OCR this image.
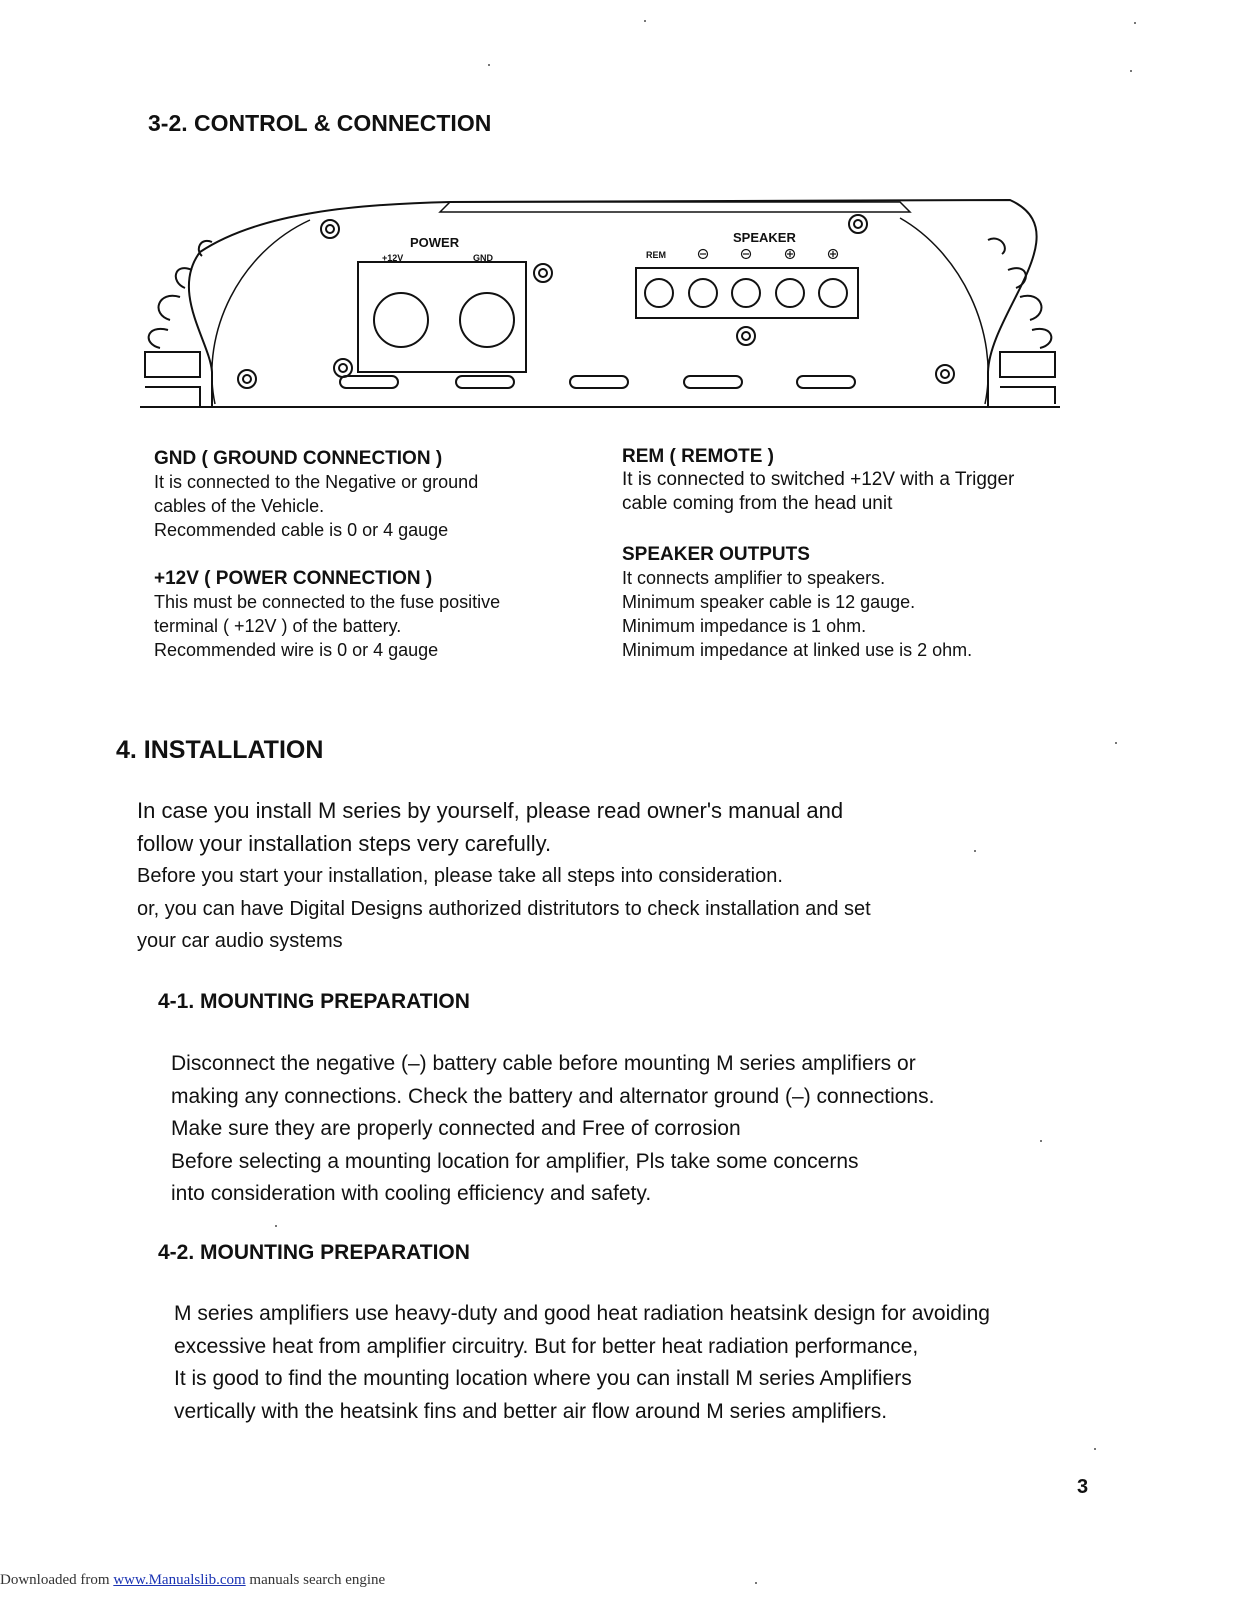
3-2. CONTROL & CONNECTION
POWER
+12V	GND
SPEAKER
REM
GND ( GROUND CONNECTION )
It is connected to the Negative or ground
cables of the Vehicle.
Recommended cable is 0 or 4 gauge
+12V ( POWER CONNECTION )
This must be connected to the fuse positive
terminal ( +12V ) of the battery.
Recommended wire is 0 or 4 gauge
REM ( REMOTE )
It is connected to switched +12V with a Trigger
cable coming from the head unit
SPEAKER OUTPUTS
It connects amplifier to speakers.
Minimum speaker cable is 12 gauge.
Minimum impedance is 1 ohm.
Minimum impedance at linked use is 2 ohm.
4. INSTALLATION
In case you install M series by yourself, please read owner's manual and
follow your installation steps very carefully.
Before you start your installation, please take all steps into consideration.
or, you can have Digital Designs authorized distritutors to check installation and set
your car audio systems
4-1. MOUNTING PREPARATION
Disconnect the negative (–) battery cable before mounting M series amplifiers or
making any connections. Check the battery and alternator ground (–) connections.
Make sure they are properly connected and Free of corrosion
Before selecting a mounting location for amplifier, Pls take some concerns
into consideration with cooling efficiency and safety.
4-2. MOUNTING PREPARATION
M series amplifiers use heavy-duty and good heat radiation heatsink design for avoiding
excessive heat from amplifier circuitry. But for better heat radiation performance,
It is good to find the mounting location where you can install M series Amplifiers
vertically with the heatsink fins and better air flow around M series amplifiers.
3
Downloaded from www.Manualslib.com manuals search engine
